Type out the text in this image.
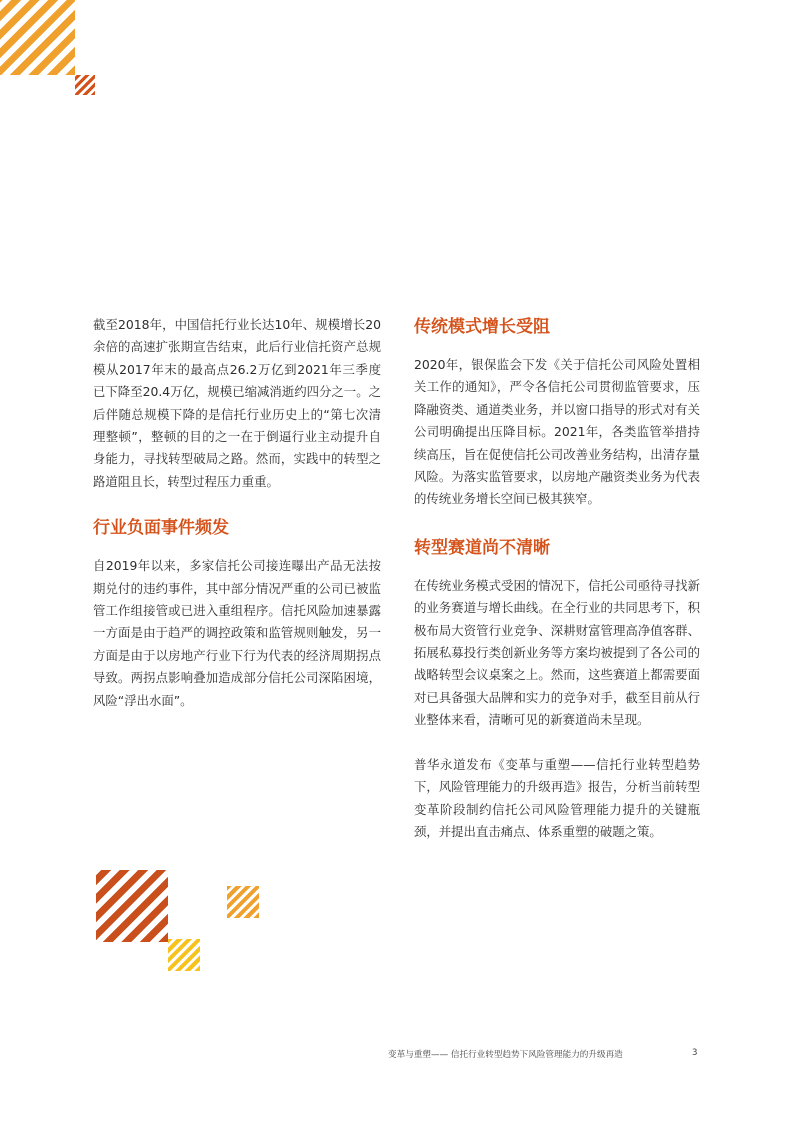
截至2018年，中国信托行业长达10年、规模增长20余倍的高速扩张期宣告结束，此后行业信托资产总规模从2017年末的最高点26.2万亿到2021年三季度已下降至20.4万亿，规模已缩减消逝约四分之一。之后伴随总规模下降的是信托行业历史上的“第七次清理整顿”，整顿的目的之一在于倒逼行业主动提升自身能力，寻找转型破局之路。然而，实践中的转型之路道阻且长，转型过程压力重重。

行业负面事件频发

自2019年以来，多家信托公司接连曝出产品无法按期兑付的违约事件，其中部分情况严重的公司已被监管工作组接管或已进入重组程序。信托风险加速暴露一方面是由于趋严的调控政策和监管规则触发，另一方面是由于以房地产行业下行为代表的经济周期拐点导致。两拐点影响叠加造成部分信托公司深陷困境，风险“浮出水面”。

传统模式增长受阻

2020年，银保监会下发《关于信托公司风险处置相关工作的通知》，严令各信托公司贯彻监管要求，压降融资类、通道类业务，并以窗口指导的形式对有关公司明确提出压降目标。2021年，各类监管举措持续高压，旨在促使信托公司改善业务结构，出清存量风险。为落实监管要求，以房地产融资类业务为代表的传统业务增长空间已极其狭窄。

转型赛道尚不清晰

在传统业务模式受困的情况下，信托公司亟待寻找新的业务赛道与增长曲线。在全行业的共同思考下，积极布局大资管行业竞争、深耕财富管理高净值客群、拓展私募投行类创新业务等方案均被提到了各公司的战略转型会议桌案之上。然而，这些赛道上都需要面对已具备强大品牌和实力的竞争对手，截至目前从行业整体来看，清晰可见的新赛道尚未呈现。

普华永道发布《变革与重塑——信托行业转型趋势下，风险管理能力的升级再造》报告，分析当前转型变革阶段制约信托公司风险管理能力提升的关键瓶颈，并提出直击痛点、体系重塑的破题之策。

变革与重塑—— 信托行业转型趋势下风险管理能力的升级再造	3
